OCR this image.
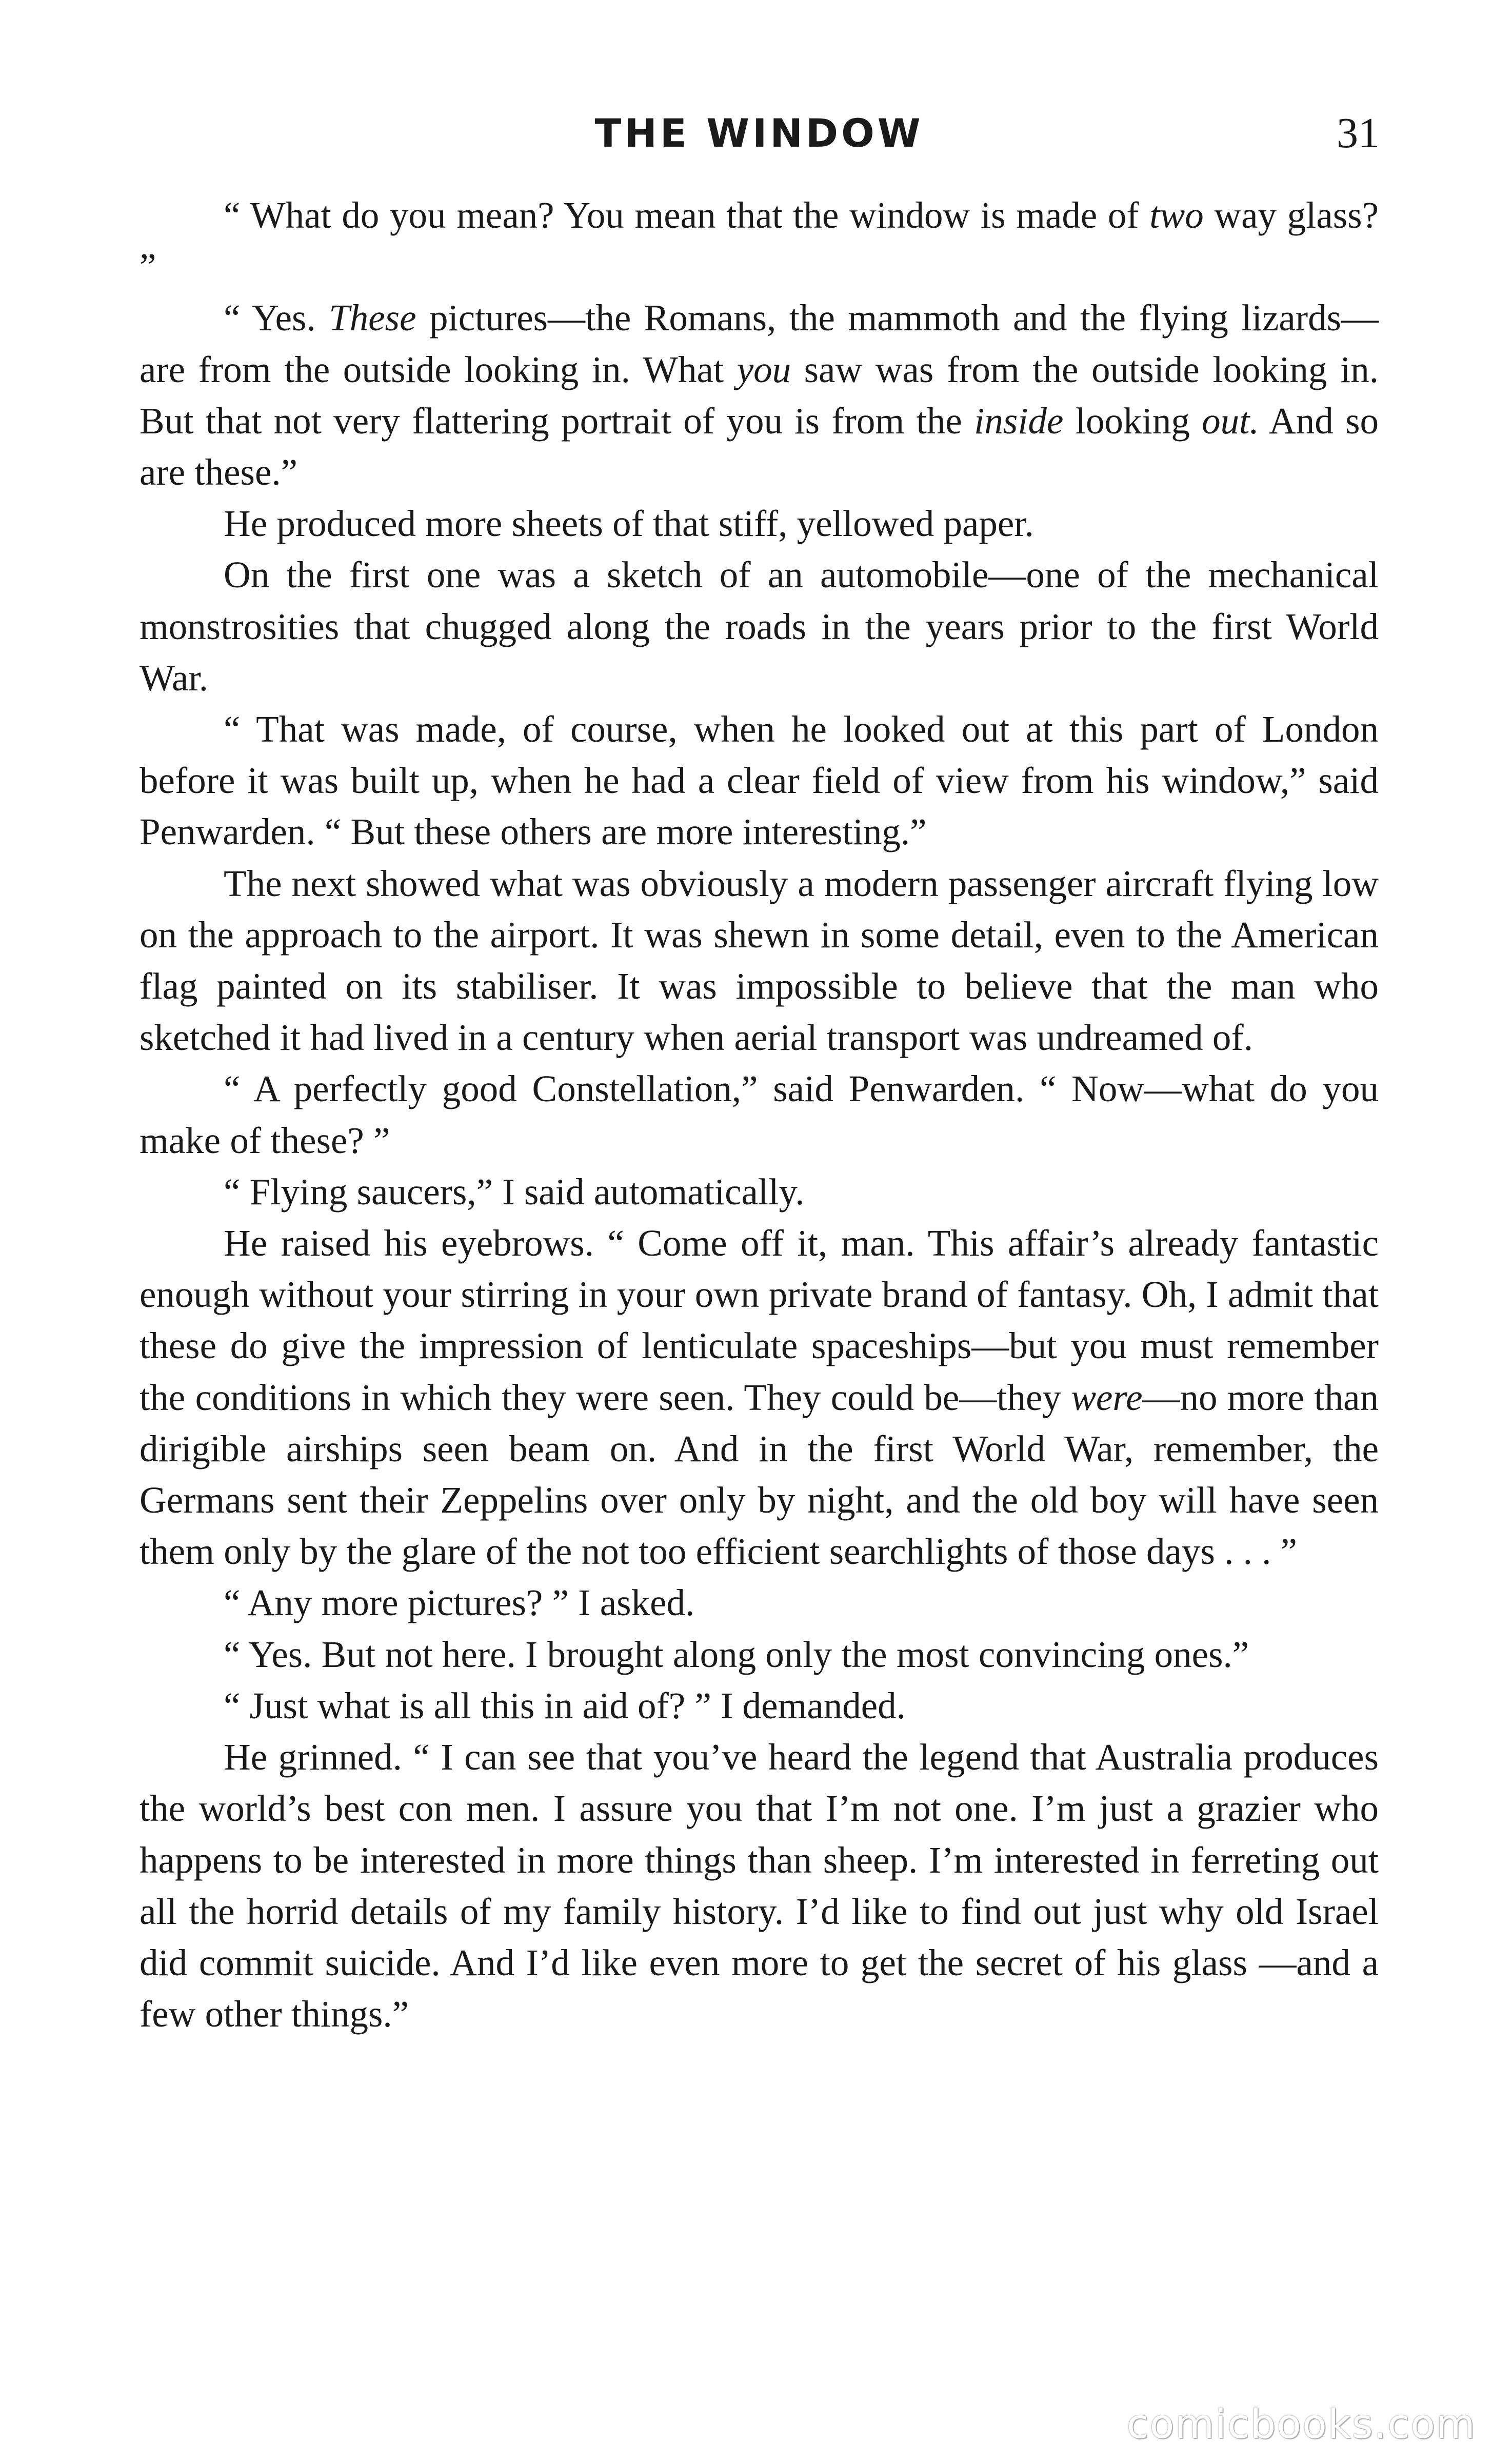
THE WINDOW	31

“ What do you mean? You mean that the window is made of two way glass? ”

“ Yes. These pictures—the Romans, the mammoth and the flying lizards—are from the outside looking in. What you saw was from the outside looking in. But that not very flattering portrait of you is from the inside looking out. And so are these.”

He produced more sheets of that stiff, yellowed paper.

On the first one was a sketch of an automobile—one of the mechanical monstrosities that chugged along the roads in the years prior to the first World War.

“ That was made, of course, when he looked out at this part of London before it was built up, when he had a clear field of view from his window,” said Penwarden. “ But these others are more interesting.”

The next showed what was obviously a modern passenger aircraft flying low on the approach to the airport. It was shewn in some detail, even to the American flag painted on its stabiliser. It was impossible to believe that the man who sketched it had lived in a century when aerial transport was undreamed of.

“ A perfectly good Constellation,” said Penwarden. “ Now—what do you make of these? ”

“ Flying saucers,” I said automatically.

He raised his eyebrows. “ Come off it, man. This affair’s already fantastic enough without your stirring in your own private brand of fantasy. Oh, I admit that these do give the impression of lenticulate spaceships—but you must remember the conditions in which they were seen. They could be—they were—no more than dirigible airships seen beam on. And in the first World War, remember, the Germans sent their Zeppelins over only by night, and the old boy will have seen them only by the glare of the not too efficient searchlights of those days . . . ”

“ Any more pictures? ” I asked.

“ Yes. But not here. I brought along only the most convincing ones.”

“ Just what is all this in aid of? ” I demanded.

He grinned. “ I can see that you’ve heard the legend that Australia produces the world’s best con men. I assure you that I’m not one. I’m just a grazier who happens to be interested in more things than sheep. I’m interested in ferreting out all the horrid details of my family history. I’d like to find out just why old Israel did commit suicide. And I’d like even more to get the secret of his glass —and a few other things.”

comicbooks.com
